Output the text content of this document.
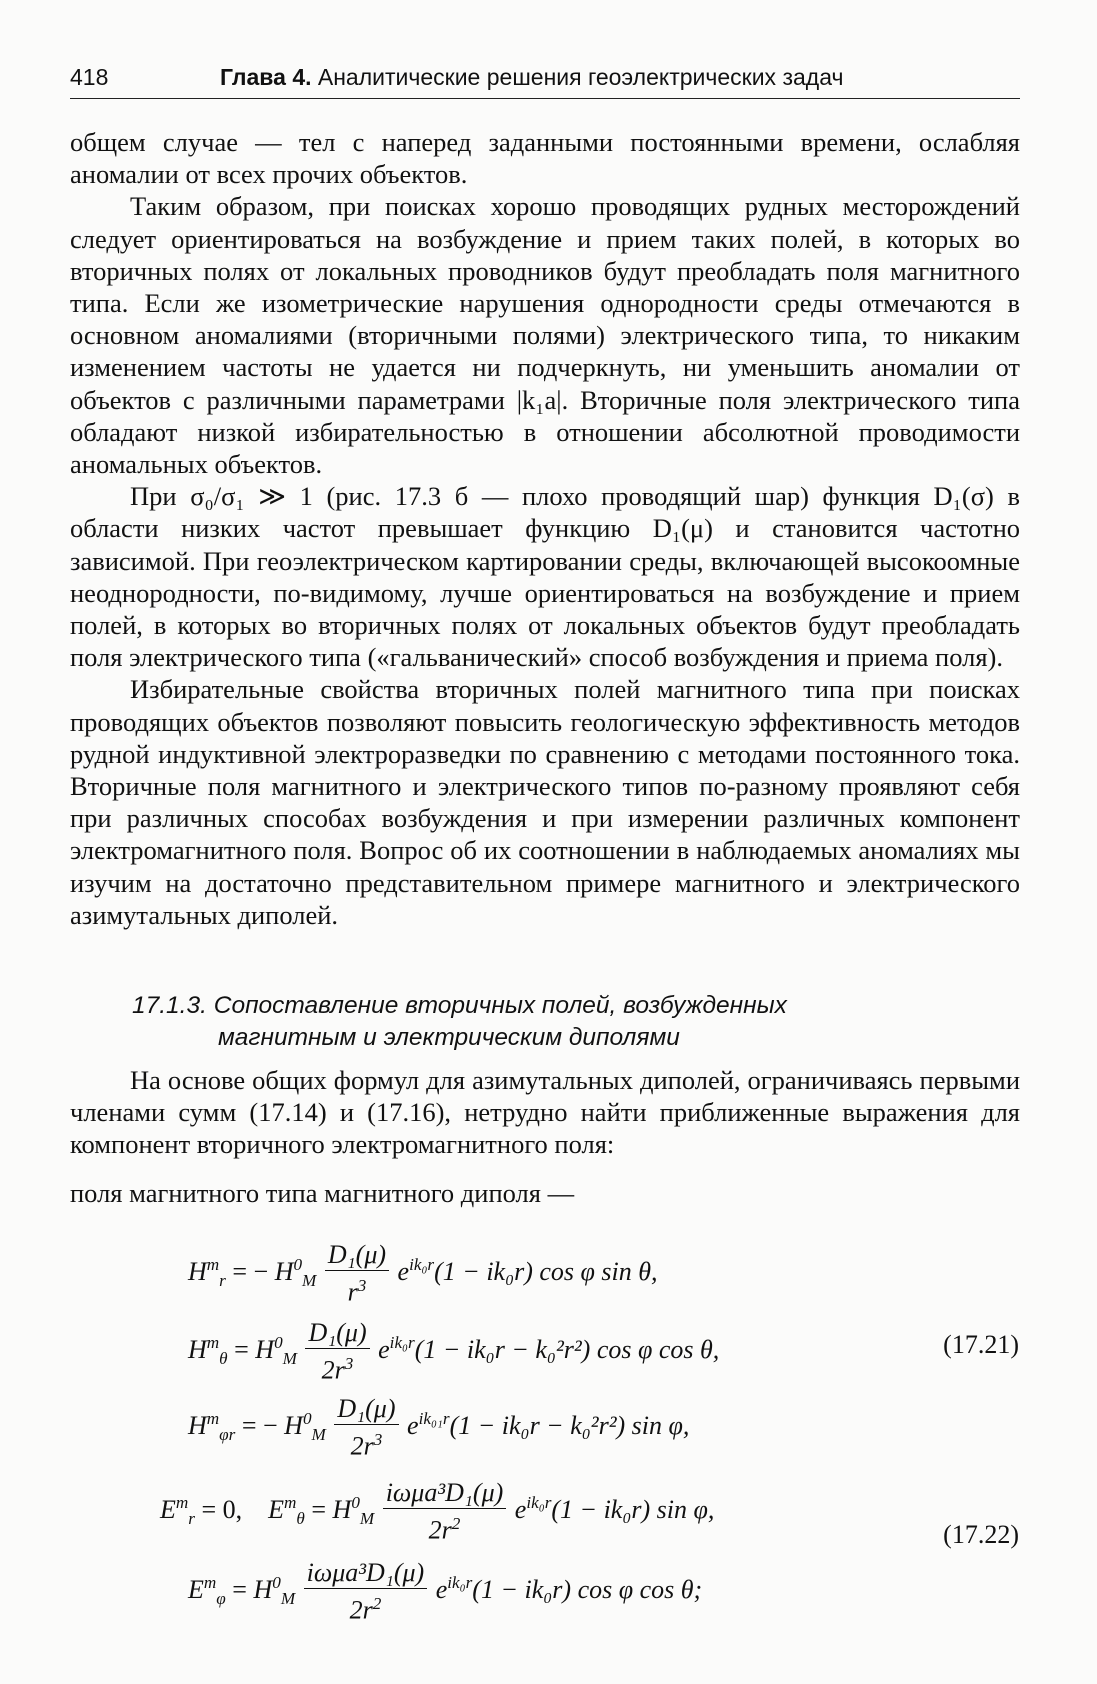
418	Глава 4. Аналитические решения геоэлектрических задач

общем случае — тел с наперед заданными постоянными времени, ослабляя аномалии от всех прочих объектов.

Таким образом, при поисках хорошо проводящих рудных месторождений следует ориентироваться на возбуждение и прием таких полей, в которых во вторичных полях от локальных проводников будут преобладать поля магнитного типа. Если же изометрические нарушения однородности среды отмечаются в основном аномалиями (вторичными полями) электрического типа, то никаким изменением частоты не удается ни подчеркнуть, ни уменьшить аномалии от объектов с различными параметрами |k₁a|. Вторичные поля электрического типа обладают низкой избирательностью в отношении абсолютной проводимости аномальных объектов.

При σ₀/σ₁ ≫ 1 (рис. 17.3 б — плохо проводящий шар) функция D₁(σ) в области низких частот превышает функцию D₁(μ) и становится частотно зависимой. При геоэлектрическом картировании среды, включающей высокоомные неоднородности, по-видимому, лучше ориентироваться на возбуждение и прием полей, в которых во вторичных полях от локальных объектов будут преобладать поля электрического типа («гальванический» способ возбуждения и приема поля).

Избирательные свойства вторичных полей магнитного типа при поисках проводящих объектов позволяют повысить геологическую эффективность методов рудной индуктивной электроразведки по сравнению с методами постоянного тока. Вторичные поля магнитного и электрического типов по-разному проявляют себя при различных способах возбуждения и при измерении различных компонент электромагнитного поля. Вопрос об их соотношении в наблюдаемых аномалиях мы изучим на достаточно представительном примере магнитного и электрического азимутальных диполей.

17.1.3. Сопоставление вторичных полей, возбужденных
магнитным и электрическим диполями

На основе общих формул для азимутальных диполей, ограничиваясь первыми членами сумм (17.14) и (17.16), нетрудно найти приближенные выражения для компонент вторичного электромагнитного поля:

поля магнитного типа магнитного диполя —

$H^m_r$ = − $H^0_M \frac{\text{D₁(μ)}}{r^3} e^{ik_0r}(1 - ik_0r)$ cos φ sin θ,
$H^m_\theta = H^0_M \frac{\text{D₁(μ)}}{2r^3} e^{ik_0r}(1 - ik_0r - k_0^2r^2)$ cos φ cos θ,	(17.21)
$H^m_{\varphi r}$ = − $H^0_M \frac{\text{D₁(μ)}}{2r^3} e^{ik_{01}r}(1 - ik_0r - k_0^2r^2)$ sin φ,
$E^m_r = 0$,    $E^m_\theta = H^0_M \frac{\text{iωμa³D₁(μ)}}{2r^2} e^{ik_0r}(1 - ik_0r)$ sin φ,
$E^m_\varphi = H^0_M \frac{\text{iωμa³D₁(μ)}}{2r^2} e^{ik_0r}(1 - ik_0r)$ cos φ cos θ;
(17.22)
